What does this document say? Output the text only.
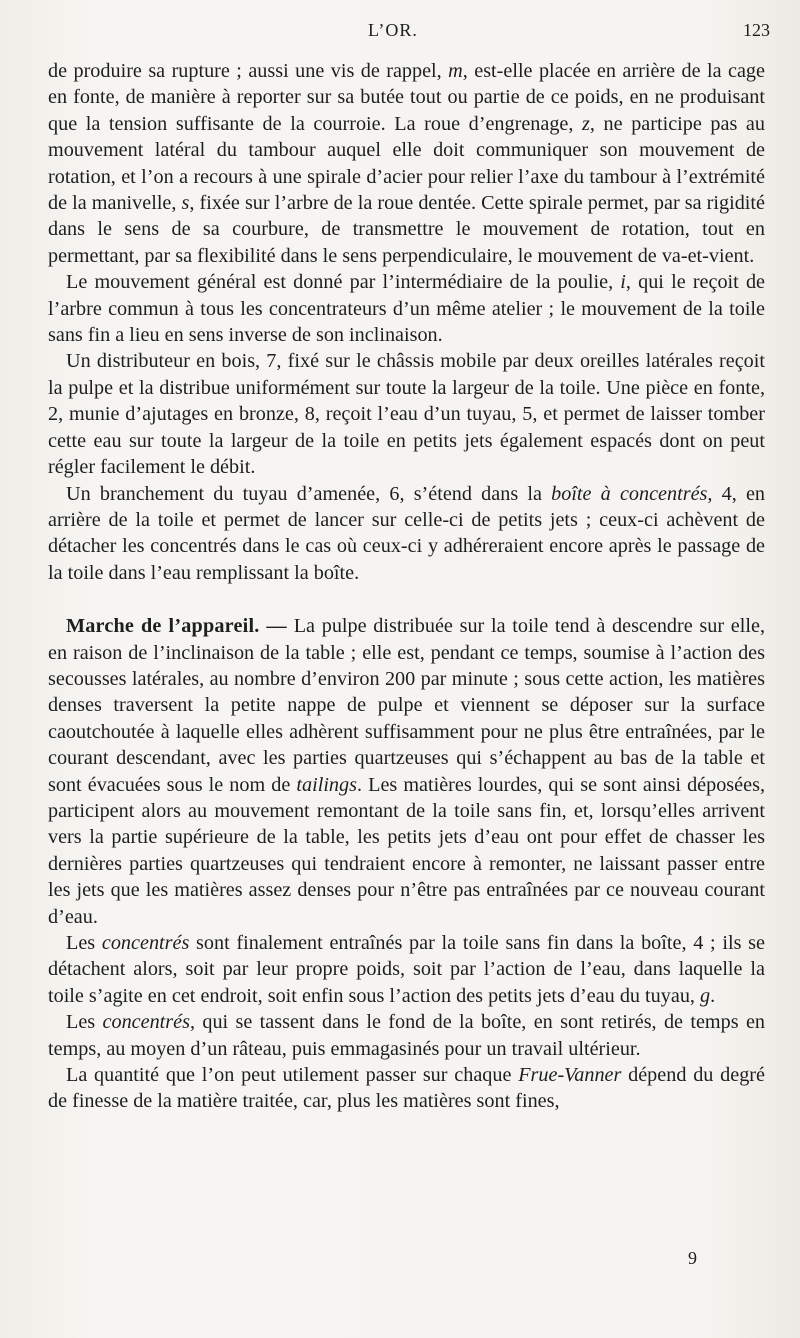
L’OR.	123

de produire sa rupture ; aussi une vis de rappel, m, est-elle placée en arrière de la cage en fonte, de manière à reporter sur sa butée tout ou partie de ce poids, en ne produisant que la tension suffisante de la courroie. La roue d’engrenage, z, ne participe pas au mouvement latéral du tambour auquel elle doit communiquer son mouvement de rotation, et l’on a recours à une spirale d’acier pour relier l’axe du tambour à l’extrémité de la manivelle, s, fixée sur l’arbre de la roue dentée. Cette spirale permet, par sa rigidité dans le sens de sa courbure, de transmettre le mouvement de rotation, tout en permettant, par sa flexibilité dans le sens perpendiculaire, le mouvement de va-et-vient.

Le mouvement général est donné par l’intermédiaire de la poulie, i, qui le reçoit de l’arbre commun à tous les concentrateurs d’un même atelier ; le mouvement de la toile sans fin a lieu en sens inverse de son inclinaison.

Un distributeur en bois, 7, fixé sur le châssis mobile par deux oreilles latérales reçoit la pulpe et la distribue uniformément sur toute la largeur de la toile. Une pièce en fonte, 2, munie d’ajutages en bronze, 8, reçoit l’eau d’un tuyau, 5, et permet de laisser tomber cette eau sur toute la largeur de la toile en petits jets également espacés dont on peut régler facilement le débit.

Un branchement du tuyau d’amenée, 6, s’étend dans la boîte à concentrés, 4, en arrière de la toile et permet de lancer sur celle-ci de petits jets ; ceux-ci achèvent de détacher les concentrés dans le cas où ceux-ci y adhéreraient encore après le passage de la toile dans l’eau remplissant la boîte.

Marche de l’appareil. — La pulpe distribuée sur la toile tend à descendre sur elle, en raison de l’inclinaison de la table ; elle est, pendant ce temps, soumise à l’action des secousses latérales, au nombre d’environ 200 par minute ; sous cette action, les matières denses traversent la petite nappe de pulpe et viennent se déposer sur la surface caoutchoutée à laquelle elles adhèrent suffisamment pour ne plus être entraînées, par le courant descendant, avec les parties quartzeuses qui s’échappent au bas de la table et sont évacuées sous le nom de tailings. Les matières lourdes, qui se sont ainsi déposées, participent alors au mouvement remontant de la toile sans fin, et, lorsqu’elles arrivent vers la partie supérieure de la table, les petits jets d’eau ont pour effet de chasser les dernières parties quartzeuses qui tendraient encore à remonter, ne laissant passer entre les jets que les matières assez denses pour n’être pas entraînées par ce nouveau courant d’eau.

Les concentrés sont finalement entraînés par la toile sans fin dans la boîte, 4 ; ils se détachent alors, soit par leur propre poids, soit par l’action de l’eau, dans laquelle la toile s’agite en cet endroit, soit enfin sous l’action des petits jets d’eau du tuyau, g.

Les concentrés, qui se tassent dans le fond de la boîte, en sont retirés, de temps en temps, au moyen d’un râteau, puis emmagasinés pour un travail ultérieur.

La quantité que l’on peut utilement passer sur chaque Frue-Vanner dépend du degré de finesse de la matière traitée, car, plus les matières sont fines,

9
